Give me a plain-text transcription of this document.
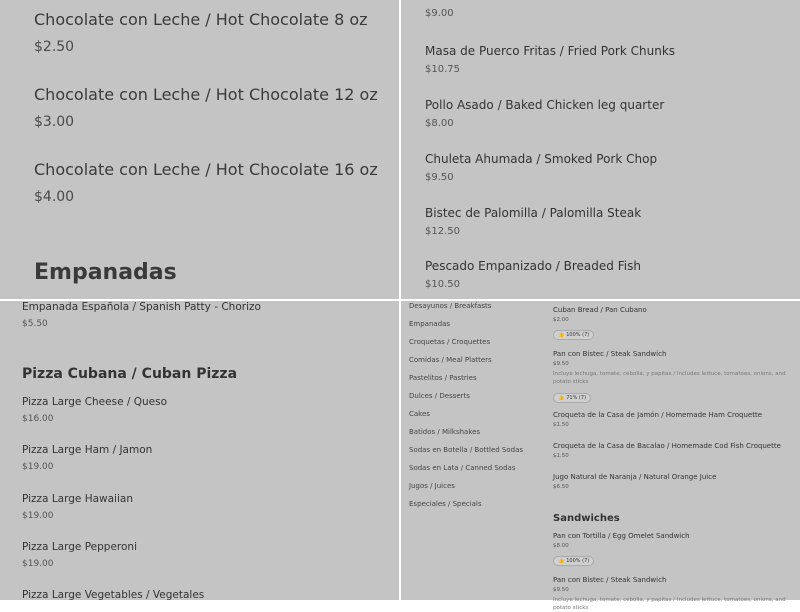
Chocolate con Leche / Hot Chocolate 8 oz
$2.50
Chocolate con Leche / Hot Chocolate 12 oz
$3.00
Chocolate con Leche / Hot Chocolate 16 oz
$4.00
Empanadas
$9.00
Masa de Puerco Fritas / Fried Pork Chunks
$10.75
Pollo Asado / Baked Chicken leg quarter
$8.00
Chuleta Ahumada / Smoked Pork Chop
$9.50
Bistec de Palomilla / Palomilla Steak
$12.50
Pescado Empanizado / Breaded Fish
$10.50
Empanada Española / Spanish Patty - Chorizo
$5.50
Pizza Cubana / Cuban Pizza
Pizza Large Cheese / Queso
$16.00
Pizza Large Ham / Jamon
$19.00
Pizza Large Hawaiian
$19.00
Pizza Large Pepperoni
$19.00
Pizza Large Vegetables / Vegetales
Desayunos / Breakfasts
Empanadas
Croquetas / Croquettes
Comidas / Meal Platters
Pastelitos / Pastries
Dulces / Desserts
Cakes
Batidos / Milkshakes
Sodas en Botella / Bottled Sodas
Sodas en Lata / Canned Sodas
Jugos / Juices
Especiales / Specials
Cuban Bread / Pan Cubano
$2.00
👍 100% (7)
Pan con Bistec / Steak Sandwich
$9.50
Incluye lechuga, tomate, cebolla, y papitas / Includes lettuce, tomatoes, onions, and potato sticks
👍 71% (7)
Croqueta de la Casa de Jamón / Homemade Ham Croquette
$1.50
Croqueta de la Casa de Bacalao / Homemade Cod Fish Croquette
$1.50
Jugo Natural de Naranja / Natural Orange Juice
$6.50
Sandwiches
Pan con Tortilla / Egg Omelet Sandwich
$8.00
👍 100% (7)
Pan con Bistec / Steak Sandwich
$9.50
Incluye lechuga, tomate, cebolla, y papitas / Includes lettuce, tomatoes, onions, and potato sticks
